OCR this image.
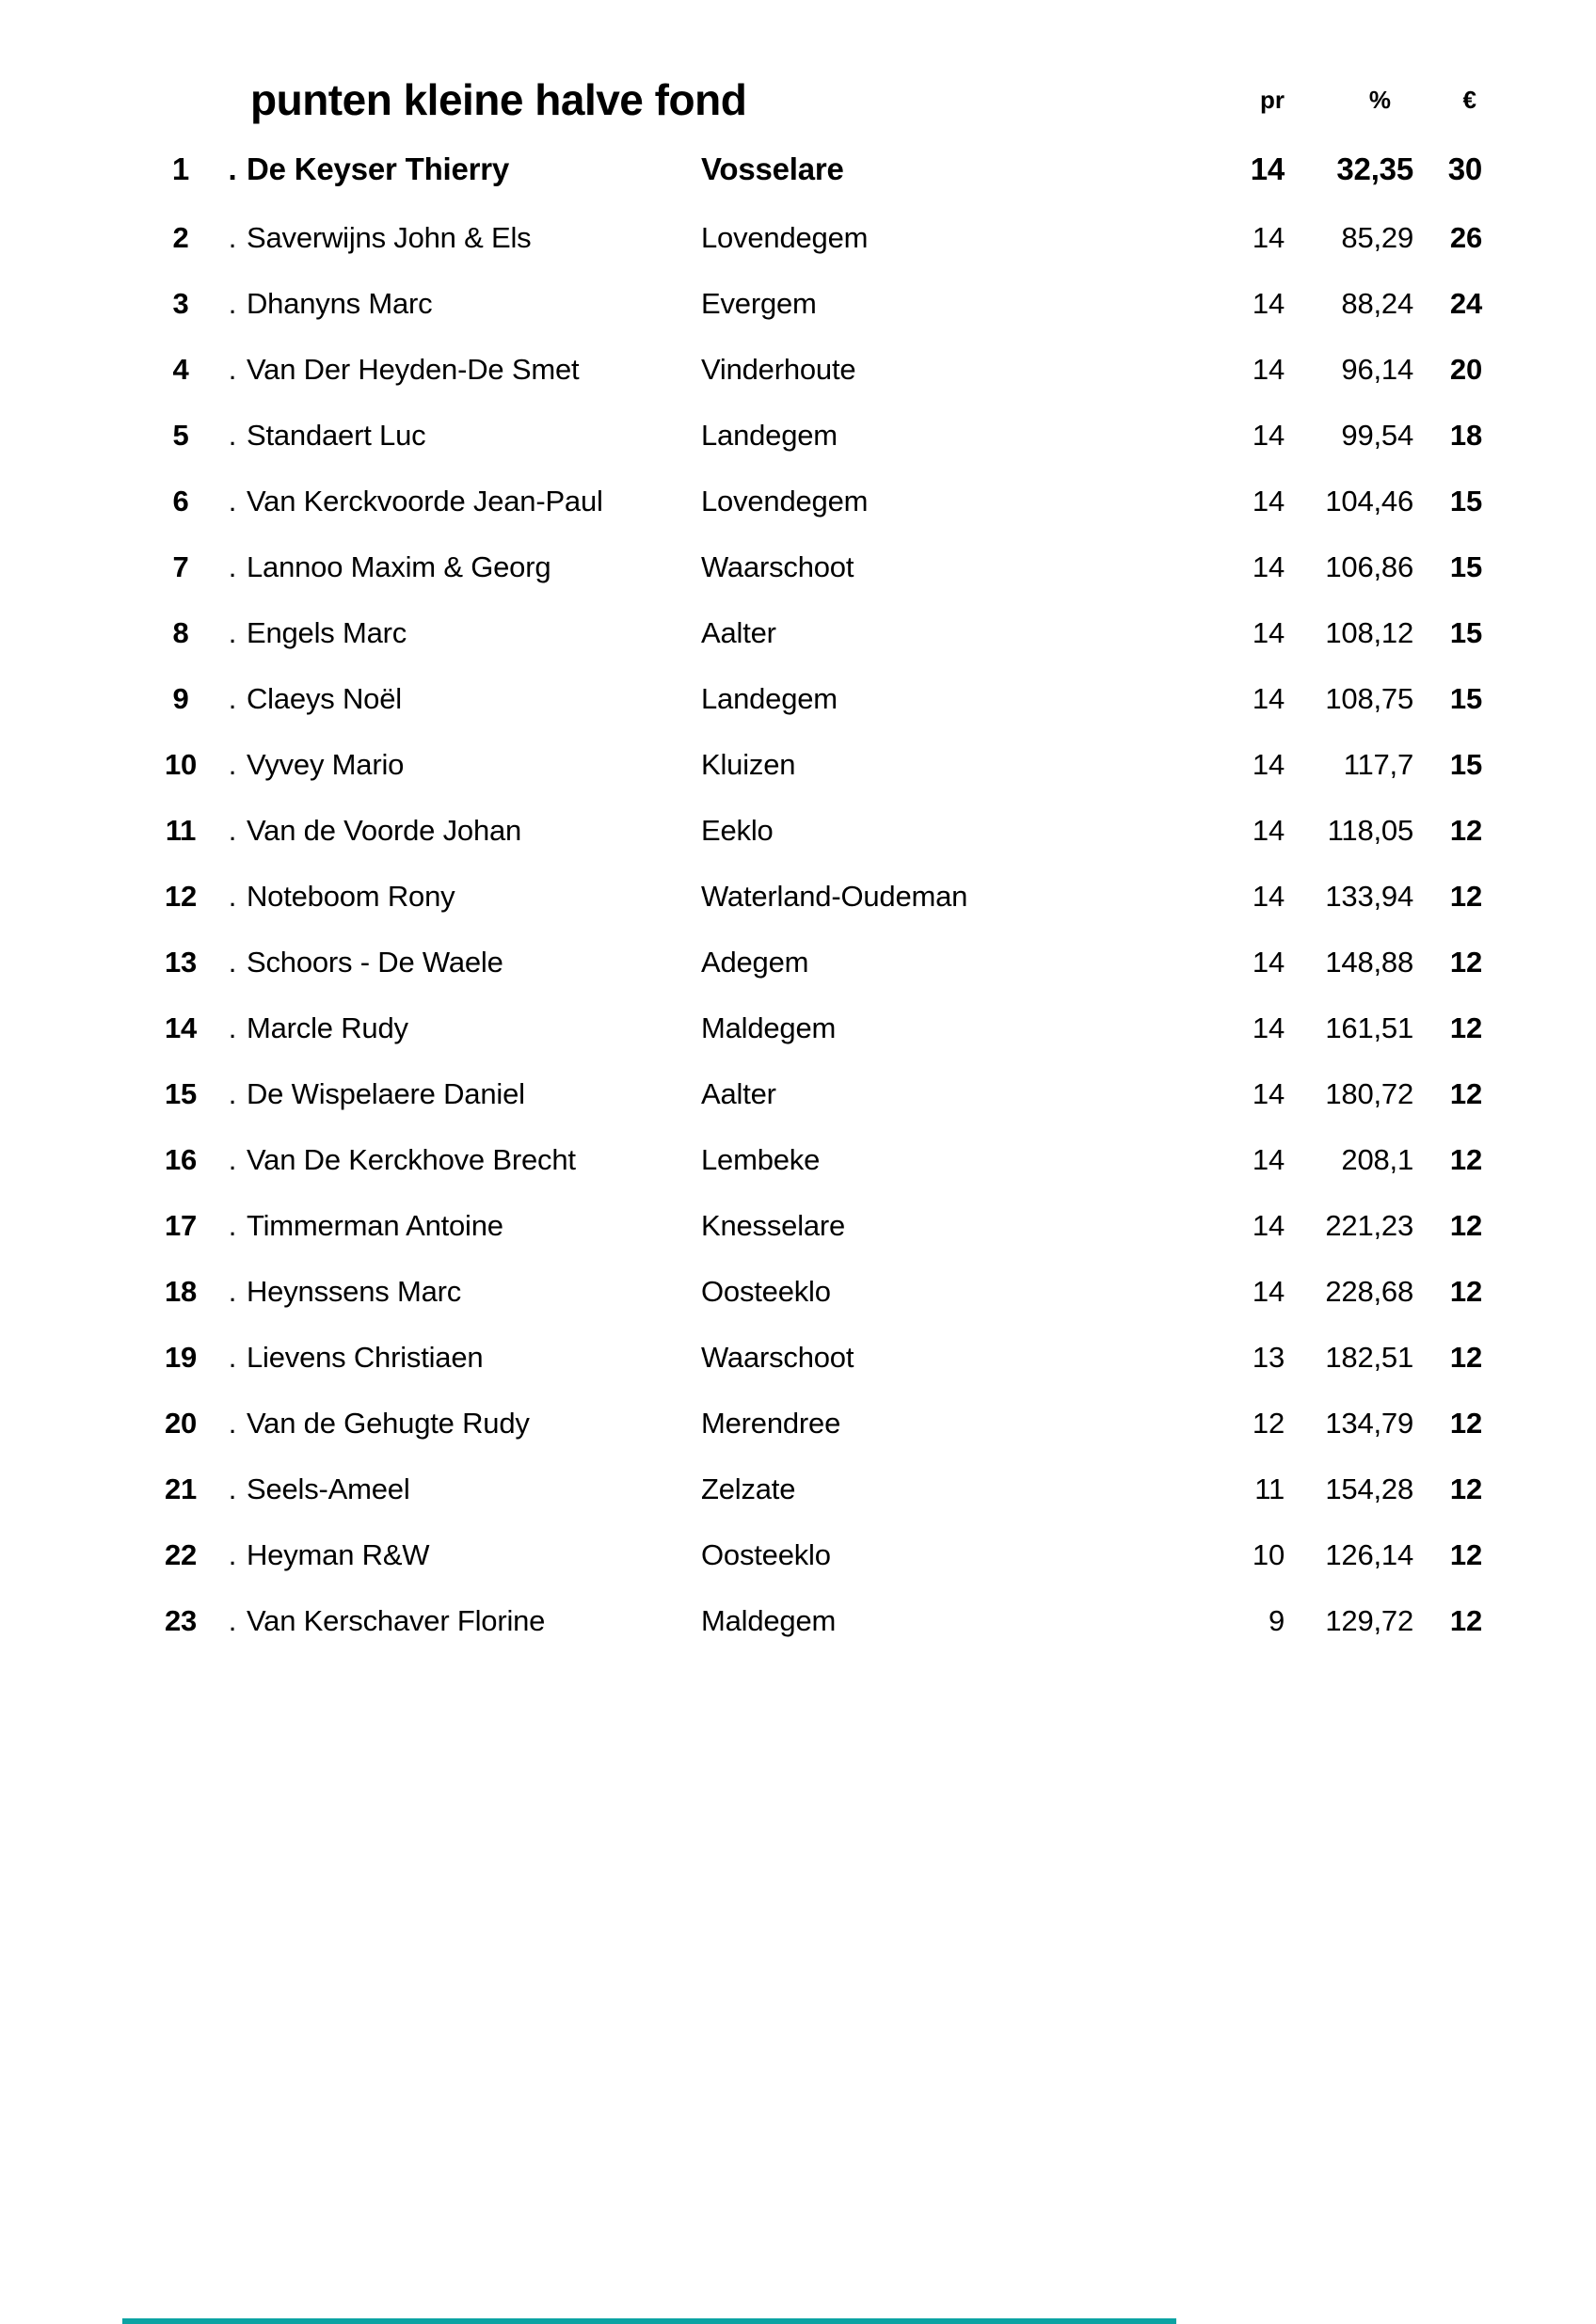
punten kleine halve fond	pr	%	€
1	. De Keyser Thierry	Vosselare	14	32,35	30
2	. Saverwijns John & Els	Lovendegem	14	85,29	26
3	. Dhanyns Marc	Evergem	14	88,24	24
4	. Van Der Heyden-De Smet	Vinderhoute	14	96,14	20
5	. Standaert Luc	Landegem	14	99,54	18
6	. Van Kerckvoorde Jean-Paul	Lovendegem	14	104,46	15
7	. Lannoo Maxim & Georg	Waarschoot	14	106,86	15
8	. Engels Marc	Aalter	14	108,12	15
9	. Claeys Noël	Landegem	14	108,75	15
10	. Vyvey Mario	Kluizen	14	117,7	15
11	. Van de Voorde Johan	Eeklo	14	118,05	12
12	. Noteboom Rony	Waterland-Oudeman	14	133,94	12
13	. Schoors - De Waele	Adegem	14	148,88	12
14	. Marcle Rudy	Maldegem	14	161,51	12
15	. De Wispelaere Daniel	Aalter	14	180,72	12
16	. Van De Kerckhove Brecht	Lembeke	14	208,1	12
17	. Timmerman Antoine	Knesselare	14	221,23	12
18	. Heynssens Marc	Oosteeklo	14	228,68	12
19	. Lievens Christiaen	Waarschoot	13	182,51	12
20	. Van de Gehugte Rudy	Merendree	12	134,79	12
21	. Seels-Ameel	Zelzate	11	154,28	12
22	. Heyman R&W	Oosteeklo	10	126,14	12
23	. Van Kerschaver Florine	Maldegem	9	129,72	12
